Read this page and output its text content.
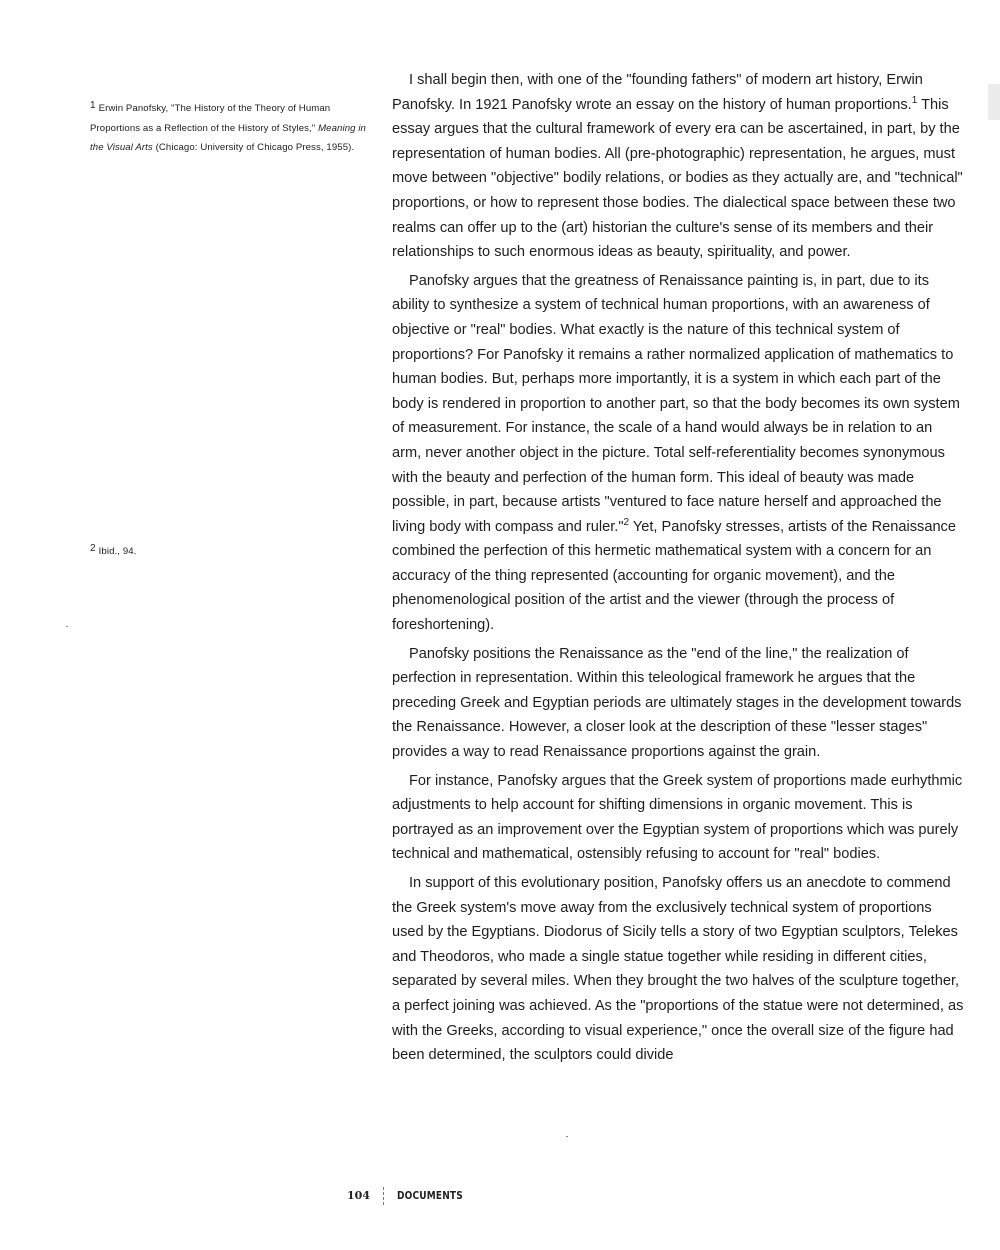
1 Erwin Panofsky, "The History of the Theory of Human Proportions as a Reflection of the History of Styles," Meaning in the Visual Arts (Chicago: University of Chicago Press, 1955).
2 Ibid., 94.

I shall begin then, with one of the "founding fathers" of modern art history, Erwin Panofsky. In 1921 Panofsky wrote an essay on the history of human proportions.$^1$ This essay argues that the cultural framework of every era can be ascertained, in part, by the representation of human bodies. All (pre-photographic) representation, he argues, must move between "objective" bodily relations, or bodies as they actually are, and "technical" proportions, or how to represent those bodies. The dialectical space between these two realms can offer up to the (art) historian the culture's sense of its members and their relationships to such enormous ideas as beauty, spirituality, and power.

Panofsky argues that the greatness of Renaissance painting is, in part, due to its ability to synthesize a system of technical human proportions, with an awareness of objective or "real" bodies. What exactly is the nature of this technical system of proportions? For Panofsky it remains a rather normalized application of mathematics to human bodies. But, perhaps more importantly, it is a system in which each part of the body is rendered in proportion to another part, so that the body becomes its own system of measurement. For instance, the scale of a hand would always be in relation to an arm, never another object in the picture. Total self-referentiality becomes synonymous with the beauty and perfection of the human form. This ideal of beauty was made possible, in part, because artists "ventured to face nature herself and approached the living body with compass and ruler."$^2$ Yet, Panofsky stresses, artists of the Renaissance combined the perfection of this hermetic mathematical system with a concern for an accuracy of the thing represented (accounting for organic movement), and the phenomenological position of the artist and the viewer (through the process of foreshortening).

Panofsky positions the Renaissance as the "end of the line," the realization of perfection in representation. Within this teleological framework he argues that the preceding Greek and Egyptian periods are ultimately stages in the development towards the Renaissance. However, a closer look at the description of these "lesser stages" provides a way to read Renaissance proportions against the grain.

For instance, Panofsky argues that the Greek system of proportions made eurhythmic adjustments to help account for shifting dimensions in organic movement. This is portrayed as an improvement over the Egyptian system of proportions which was purely technical and mathematical, ostensibly refusing to account for "real" bodies.

In support of this evolutionary position, Panofsky offers us an anecdote to commend the Greek system's move away from the exclusively technical system of proportions used by the Egyptians. Diodorus of Sicily tells a story of two Egyptian sculptors, Telekes and Theodoros, who made a single statue together while residing in different cities, separated by several miles. When they brought the two halves of the sculpture together, a perfect joining was achieved. As the "proportions of the statue were not determined, as with the Greeks, according to visual experience," once the overall size of the figure had been determined, the sculptors could divide

104 DOCUMENTS
